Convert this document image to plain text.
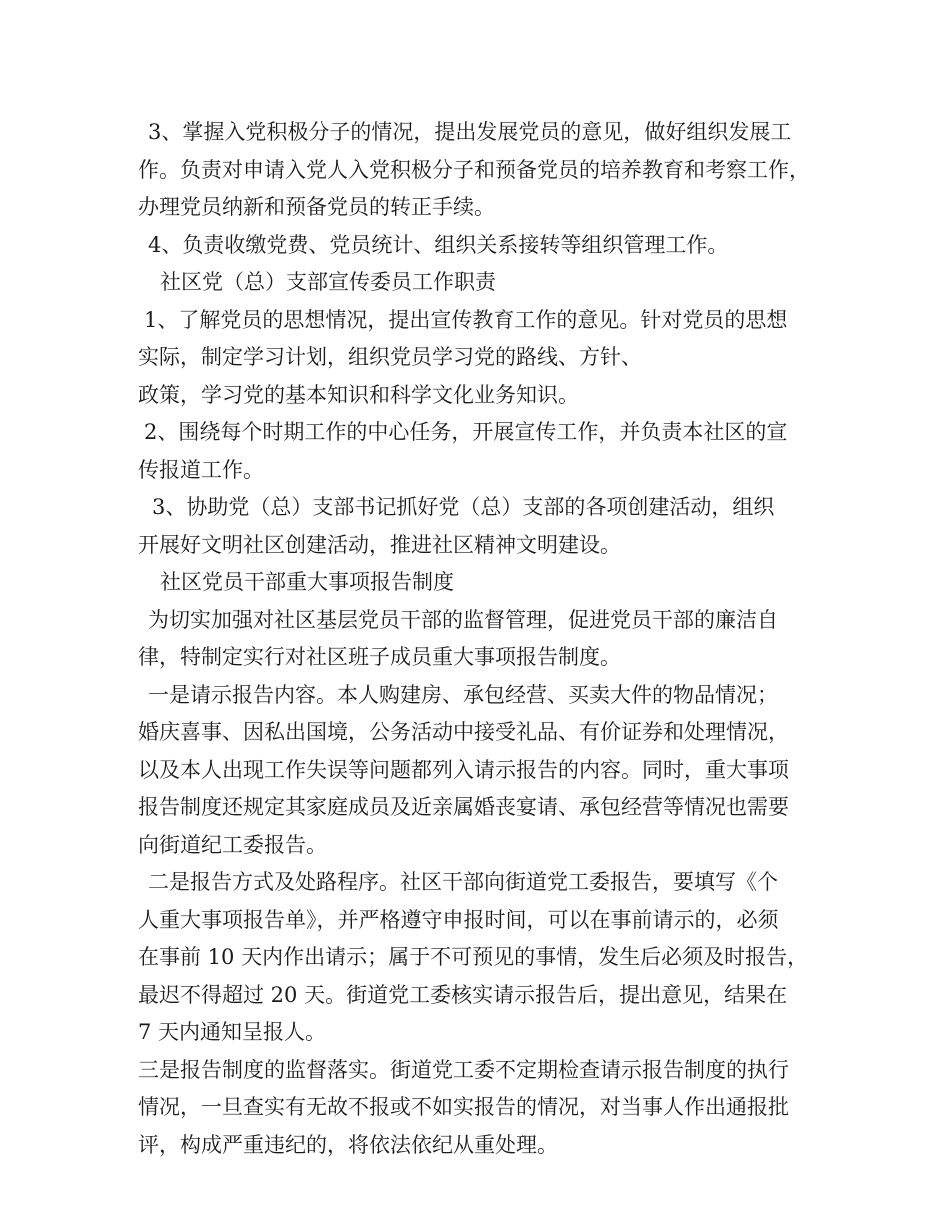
3、掌握入党积极分子的情况，提出发展党员的意见，做好组织发展工
作。负责对申请入党人入党积极分子和预备党员的培养教育和考察工作，
办理党员纳新和预备党员的转正手续。
4、负责收缴党费、党员统计、组织关系接转等组织管理工作。
社区党（总）支部宣传委员工作职责
1、了解党员的思想情况，提出宣传教育工作的意见。针对党员的思想
实际，制定学习计划，组织党员学习党的路线、方针、
政策，学习党的基本知识和科学文化业务知识。
2、围绕每个时期工作的中心任务，开展宣传工作，并负责本社区的宣
传报道工作。
3、协助党（总）支部书记抓好党（总）支部的各项创建活动，组织
开展好文明社区创建活动，推进社区精神文明建设。
社区党员干部重大事项报告制度
为切实加强对社区基层党员干部的监督管理，促进党员干部的廉洁自
律，特制定实行对社区班子成员重大事项报告制度。
一是请示报告内容。本人购建房、承包经营、买卖大件的物品情况；
婚庆喜事、因私出国境，公务活动中接受礼品、有价证券和处理情况，
以及本人出现工作失误等问题都列入请示报告的内容。同时，重大事项
报告制度还规定其家庭成员及近亲属婚丧宴请、承包经营等情况也需要
向街道纪工委报告。
二是报告方式及处路程序。社区干部向街道党工委报告，要填写《个
人重大事项报告单》，并严格遵守申报时间，可以在事前请示的，必须
在事前 10 天内作出请示；属于不可预见的事情，发生后必须及时报告，
最迟不得超过 20 天。街道党工委核实请示报告后，提出意见，结果在
7 天内通知呈报人。
三是报告制度的监督落实。街道党工委不定期检查请示报告制度的执行
情况，一旦查实有无故不报或不如实报告的情况，对当事人作出通报批
评，构成严重违纪的，将依法依纪从重处理。
